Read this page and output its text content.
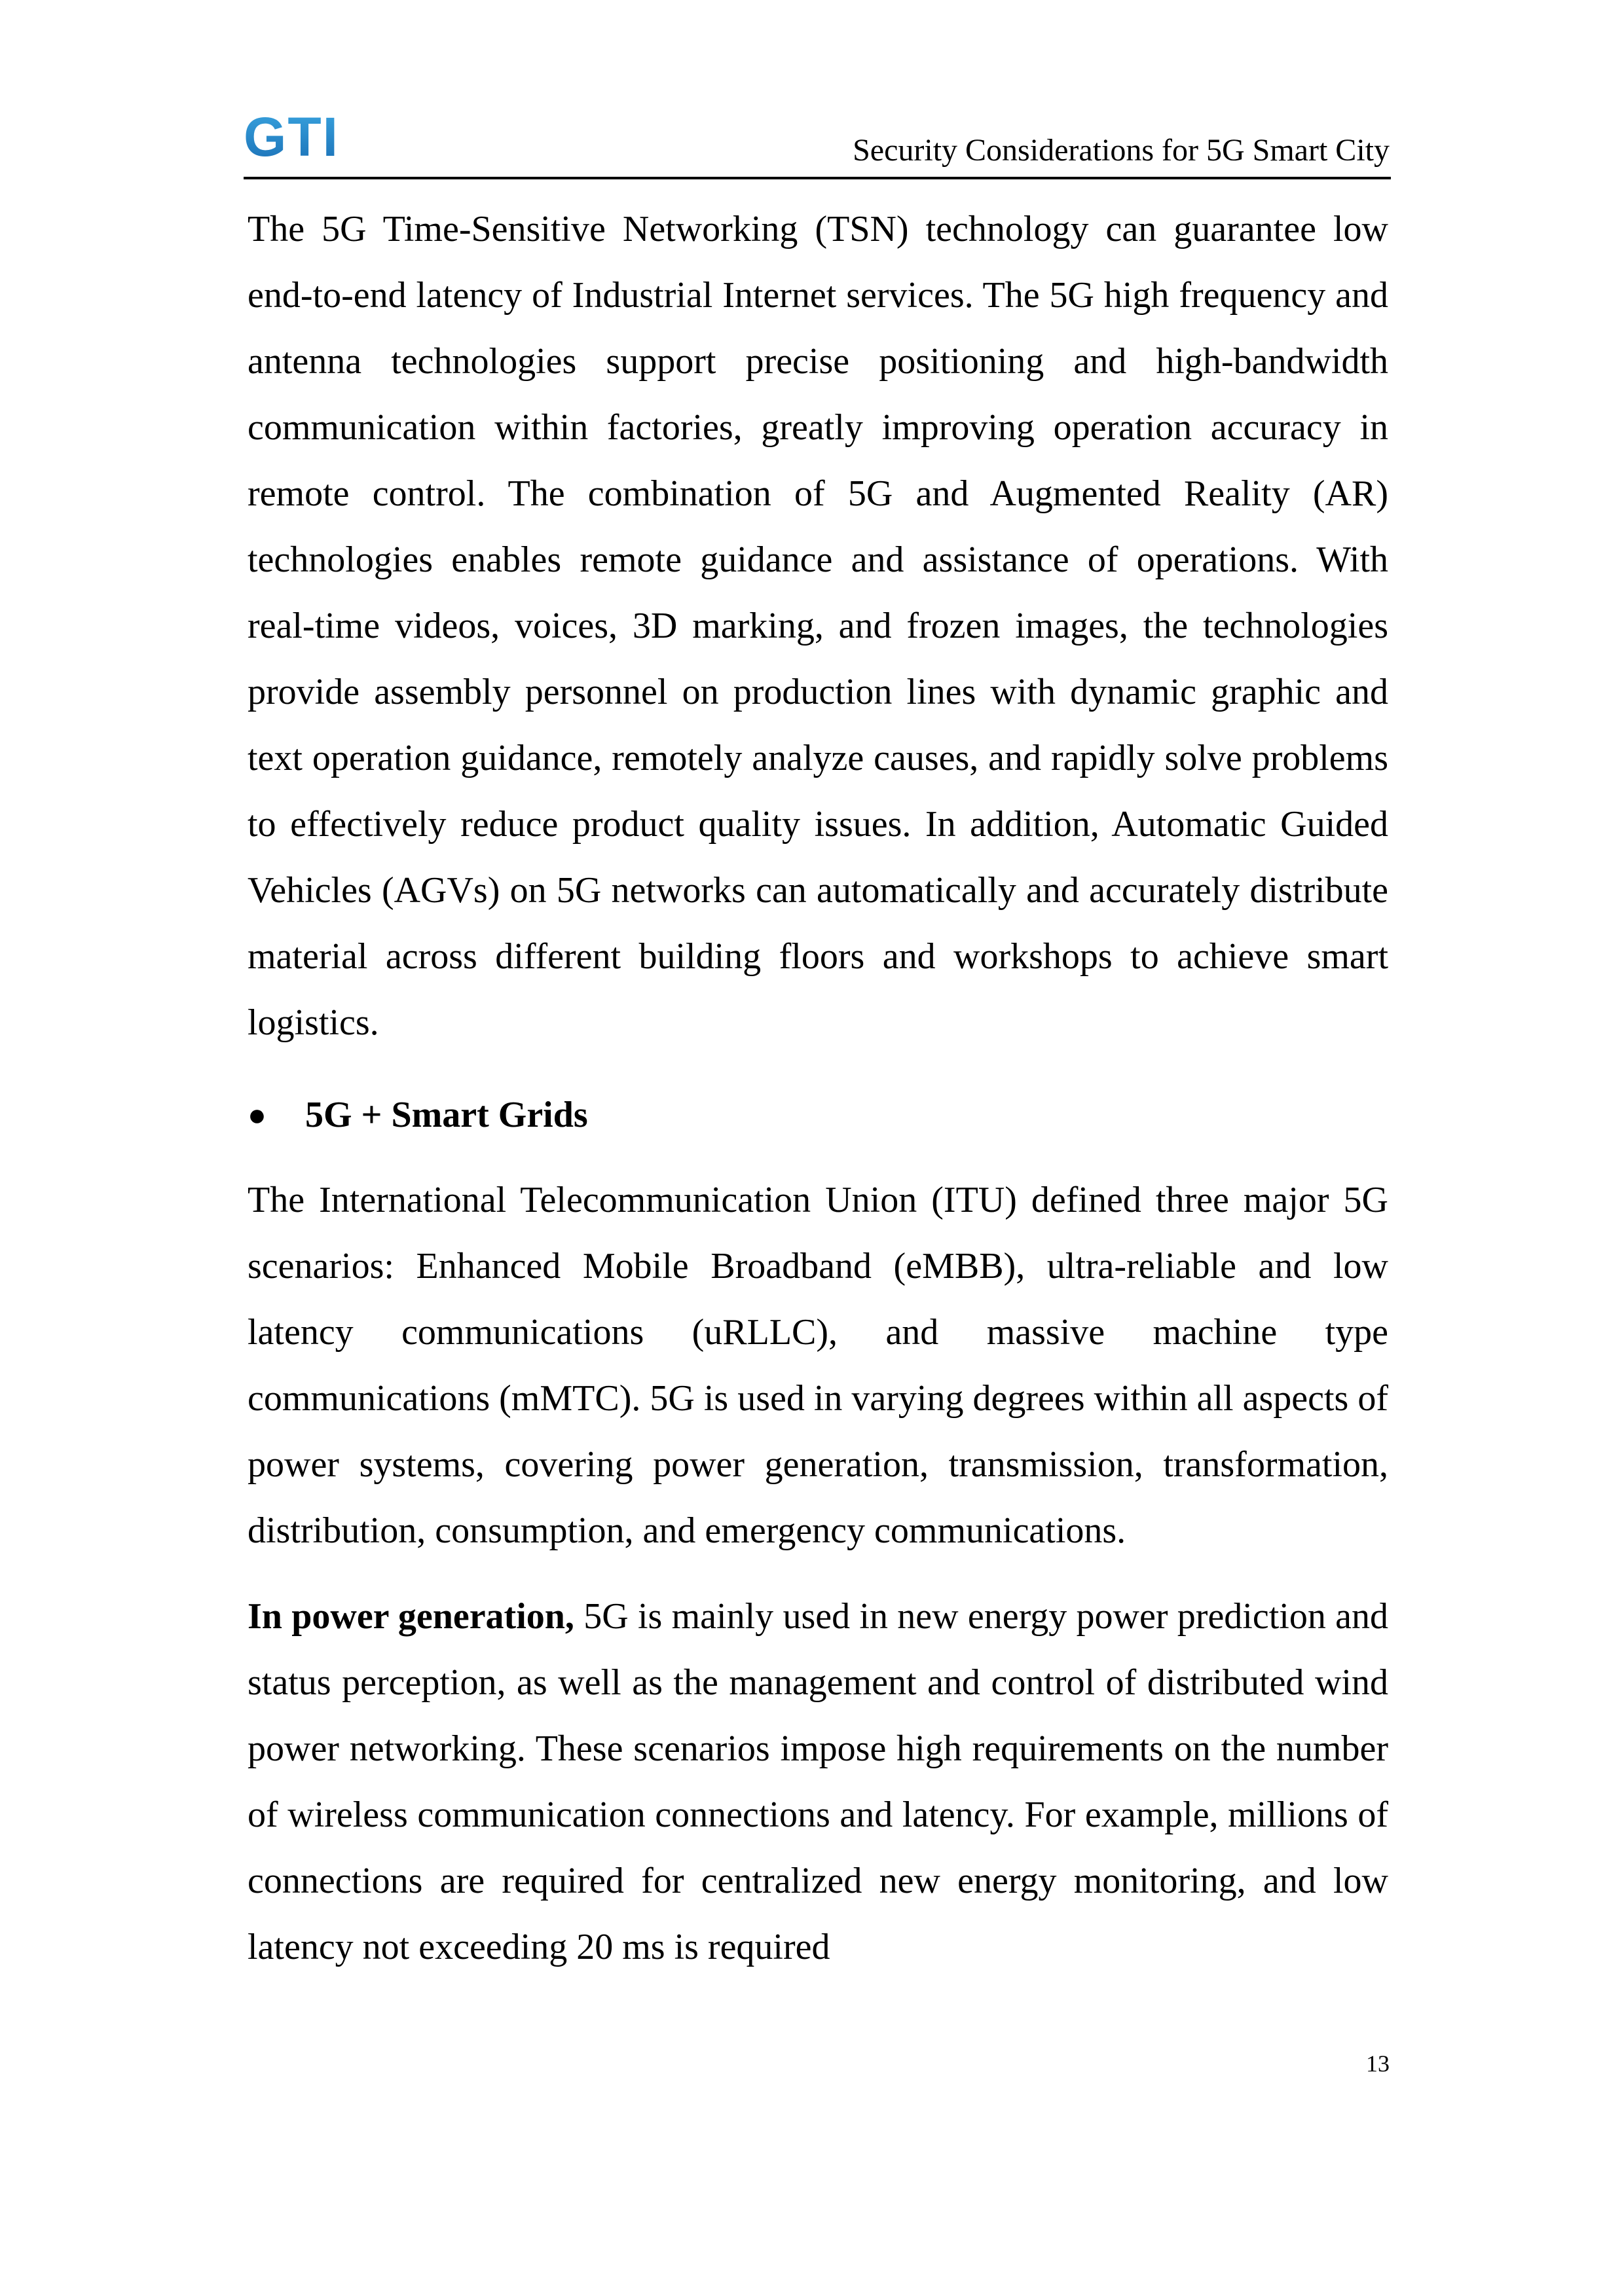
GTI	Security Considerations for 5G Smart City

The 5G Time-Sensitive Networking (TSN) technology can guarantee low end-to-end latency of Industrial Internet services. The 5G high frequency and antenna technologies support precise positioning and high-bandwidth communication within factories, greatly improving operation accuracy in remote control. The combination of 5G and Augmented Reality (AR) technologies enables remote guidance and assistance of operations. With real-time videos, voices, 3D marking, and frozen images, the technologies provide assembly personnel on production lines with dynamic graphic and text operation guidance, remotely analyze causes, and rapidly solve problems to effectively reduce product quality issues. In addition, Automatic Guided Vehicles (AGVs) on 5G networks can automatically and accurately distribute material across different building floors and workshops to achieve smart logistics.

●	5G + Smart Grids

The International Telecommunication Union (ITU) defined three major 5G scenarios: Enhanced Mobile Broadband (eMBB), ultra-reliable and low latency communications (uRLLC), and massive machine type communications (mMTC). 5G is used in varying degrees within all aspects of power systems, covering power generation, transmission, transformation, distribution, consumption, and emergency communications.

In power generation, 5G is mainly used in new energy power prediction and status perception, as well as the management and control of distributed wind power networking. These scenarios impose high requirements on the number of wireless communication connections and latency. For example, millions of connections are required for centralized new energy monitoring, and low latency not exceeding 20 ms is required

13
